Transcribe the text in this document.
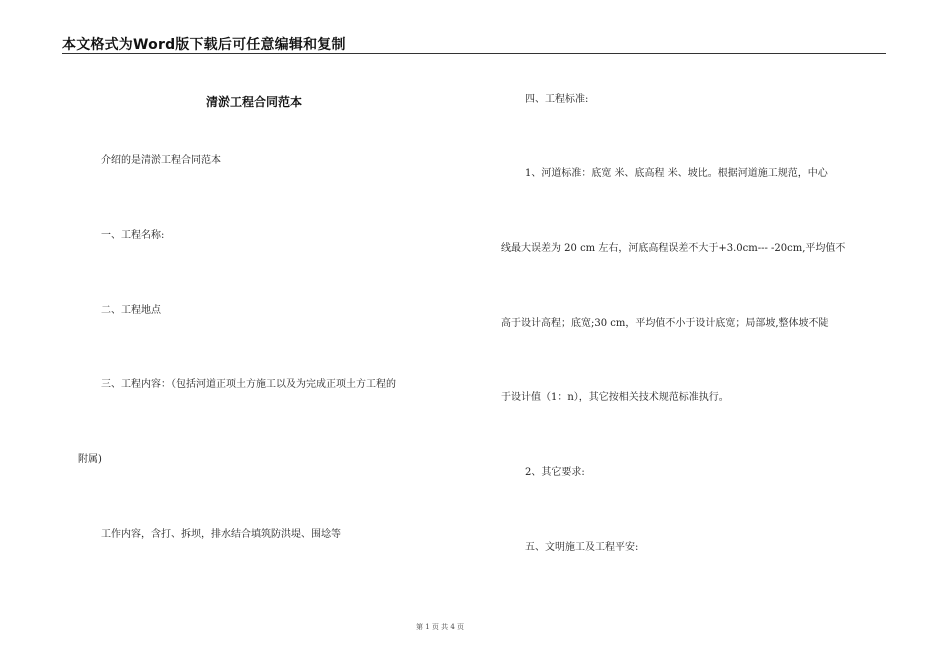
本文格式为Word版下载后可任意编辑和复制
清淤工程合同范本
介绍的是清淤工程合同范本
一、工程名称:
二、工程地点
三、工程内容：（包括河道正项土方施工以及为完成正项土方工程的
附属)
工作内容，含打、拆坝，排水结合填筑防洪堤、围埝等
四、工程标准:
1、河道标准：底宽 米、底高程 米、坡比。根据河道施工规范，中心
线最大误差为 20 cm 左右，河底高程误差不大于+3.0cm--- -20cm,平均值不
高于设计高程；底宽;30 cm，平均值不小于设计底宽；局部坡,整体坡不陡
于设计值（1：n），其它按相关技术规范标准执行。
2、其它要求:
五、文明施工及工程平安:
第 1 页 共 4 页
